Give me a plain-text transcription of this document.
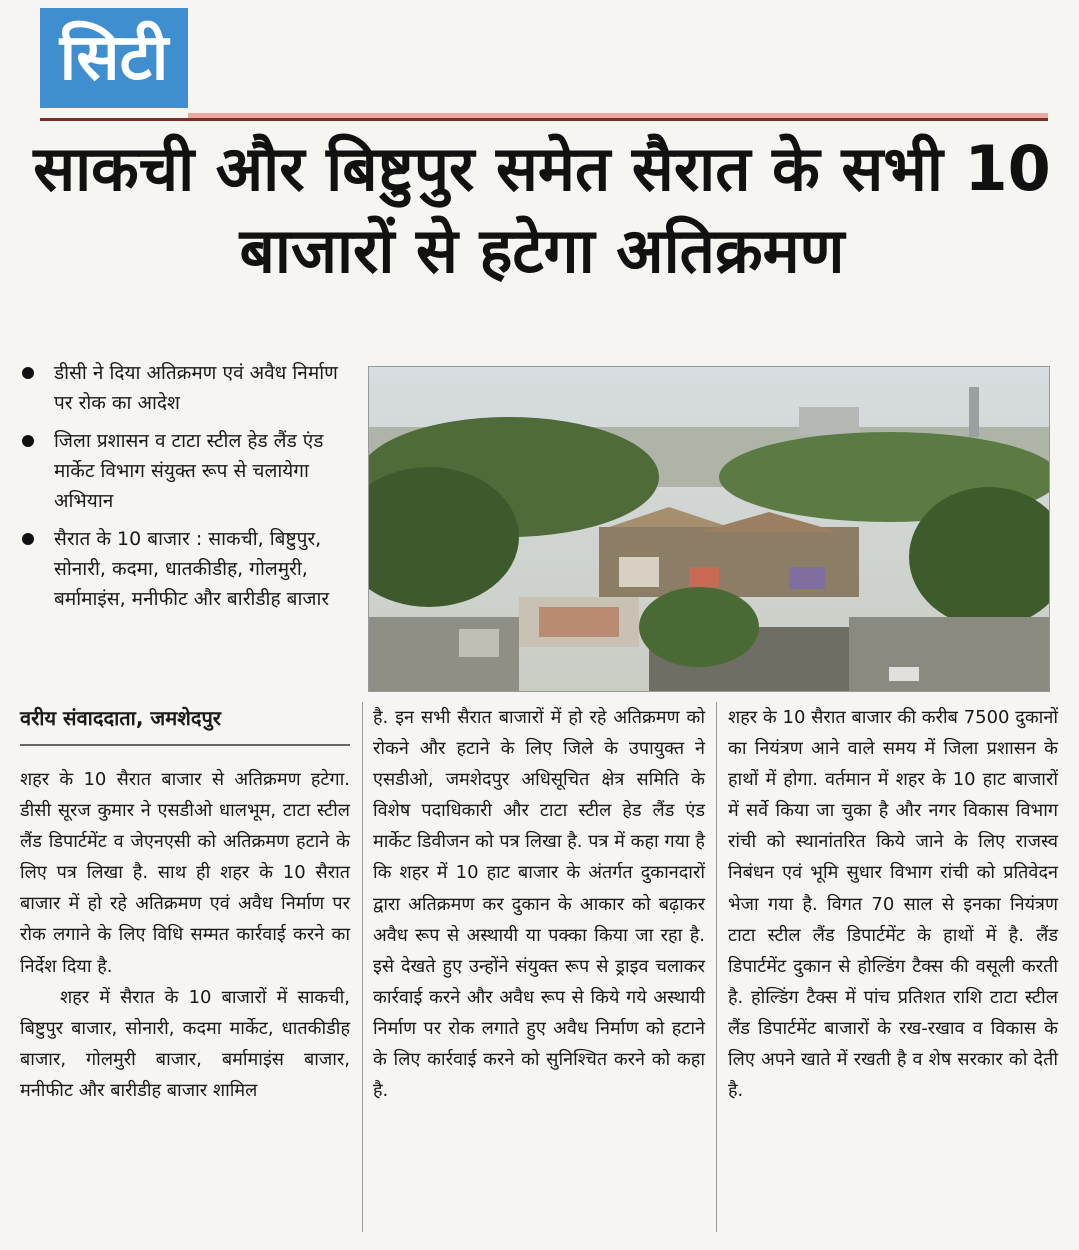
सिटी
साकची और बिष्टुपुर समेत सैरात के सभी 10 बाजारों से हटेगा अतिक्रमण
डीसी ने दिया अतिक्रमण एवं अवैध निर्माण पर रोक का आदेश
जिला प्रशासन व टाटा स्टील हेड लैंड एंड मार्केट विभाग संयुक्त रूप से चलायेगा अभियान
सैरात के 10 बाजार : साकची, बिष्टुपुर, सोनारी, कदमा, धातकीडीह, गोलमुरी, बर्मामाइंस, मनीफीट और बारीडीह बाजार
वरीय संवाददाता, जमशेदपुर

शहर के 10 सैरात बाजार से अतिक्रमण हटेगा. डीसी सूरज कुमार ने एसडीओ धालभूम, टाटा स्टील लैंड डिपार्टमेंट व जेएनएसी को अतिक्रमण हटाने के लिए पत्र लिखा है. साथ ही शहर के 10 सैरात बाजार में हो रहे अतिक्रमण एवं अवैध निर्माण पर रोक लगाने के लिए विधि सम्मत कार्रवाई करने का निर्देश दिया है.

शहर में सैरात के 10 बाजारों में साकची, बिष्टुपुर बाजार, सोनारी, कदमा मार्केट, धातकीडीह बाजार, गोलमुरी बाजार, बर्मामाइंस बाजार, मनीफीट और बारीडीह बाजार शामिल

है. इन सभी सैरात बाजारों में हो रहे अतिक्रमण को रोकने और हटाने के लिए जिले के उपायुक्त ने एसडीओ, जमशेदपुर अधिसूचित क्षेत्र समिति के विशेष पदाधिकारी और टाटा स्टील हेड लैंड एंड मार्केट डिवीजन को पत्र लिखा है. पत्र में कहा गया है कि शहर में 10 हाट बाजार के अंतर्गत दुकानदारों द्वारा अतिक्रमण कर दुकान के आकार को बढ़ाकर अवैध रूप से अस्थायी या पक्का किया जा रहा है. इसे देखते हुए उन्होंने संयुक्त रूप से ड्राइव चलाकर कार्रवाई करने और अवैध रूप से किये गये अस्थायी निर्माण पर रोक लगाते हुए अवैध निर्माण को हटाने के लिए कार्रवाई करने को सुनिश्चित करने को कहा है.

शहर के 10 सैरात बाजार की करीब 7500 दुकानों का नियंत्रण आने वाले समय में जिला प्रशासन के हाथों में होगा. वर्तमान में शहर के 10 हाट बाजारों में सर्वे किया जा चुका है और नगर विकास विभाग रांची को स्थानांतरित किये जाने के लिए राजस्व निबंधन एवं भूमि सुधार विभाग रांची को प्रतिवेदन भेजा गया है. विगत 70 साल से इनका नियंत्रण टाटा स्टील लैंड डिपार्टमेंट के हाथों में है. लैंड डिपार्टमेंट दुकान से होल्डिंग टैक्स की वसूली करती है. होल्डिंग टैक्स में पांच प्रतिशत राशि टाटा स्टील लैंड डिपार्टमेंट बाजारों के रख-रखाव व विकास के लिए अपने खाते में रखती है व शेष सरकार को देती है.
